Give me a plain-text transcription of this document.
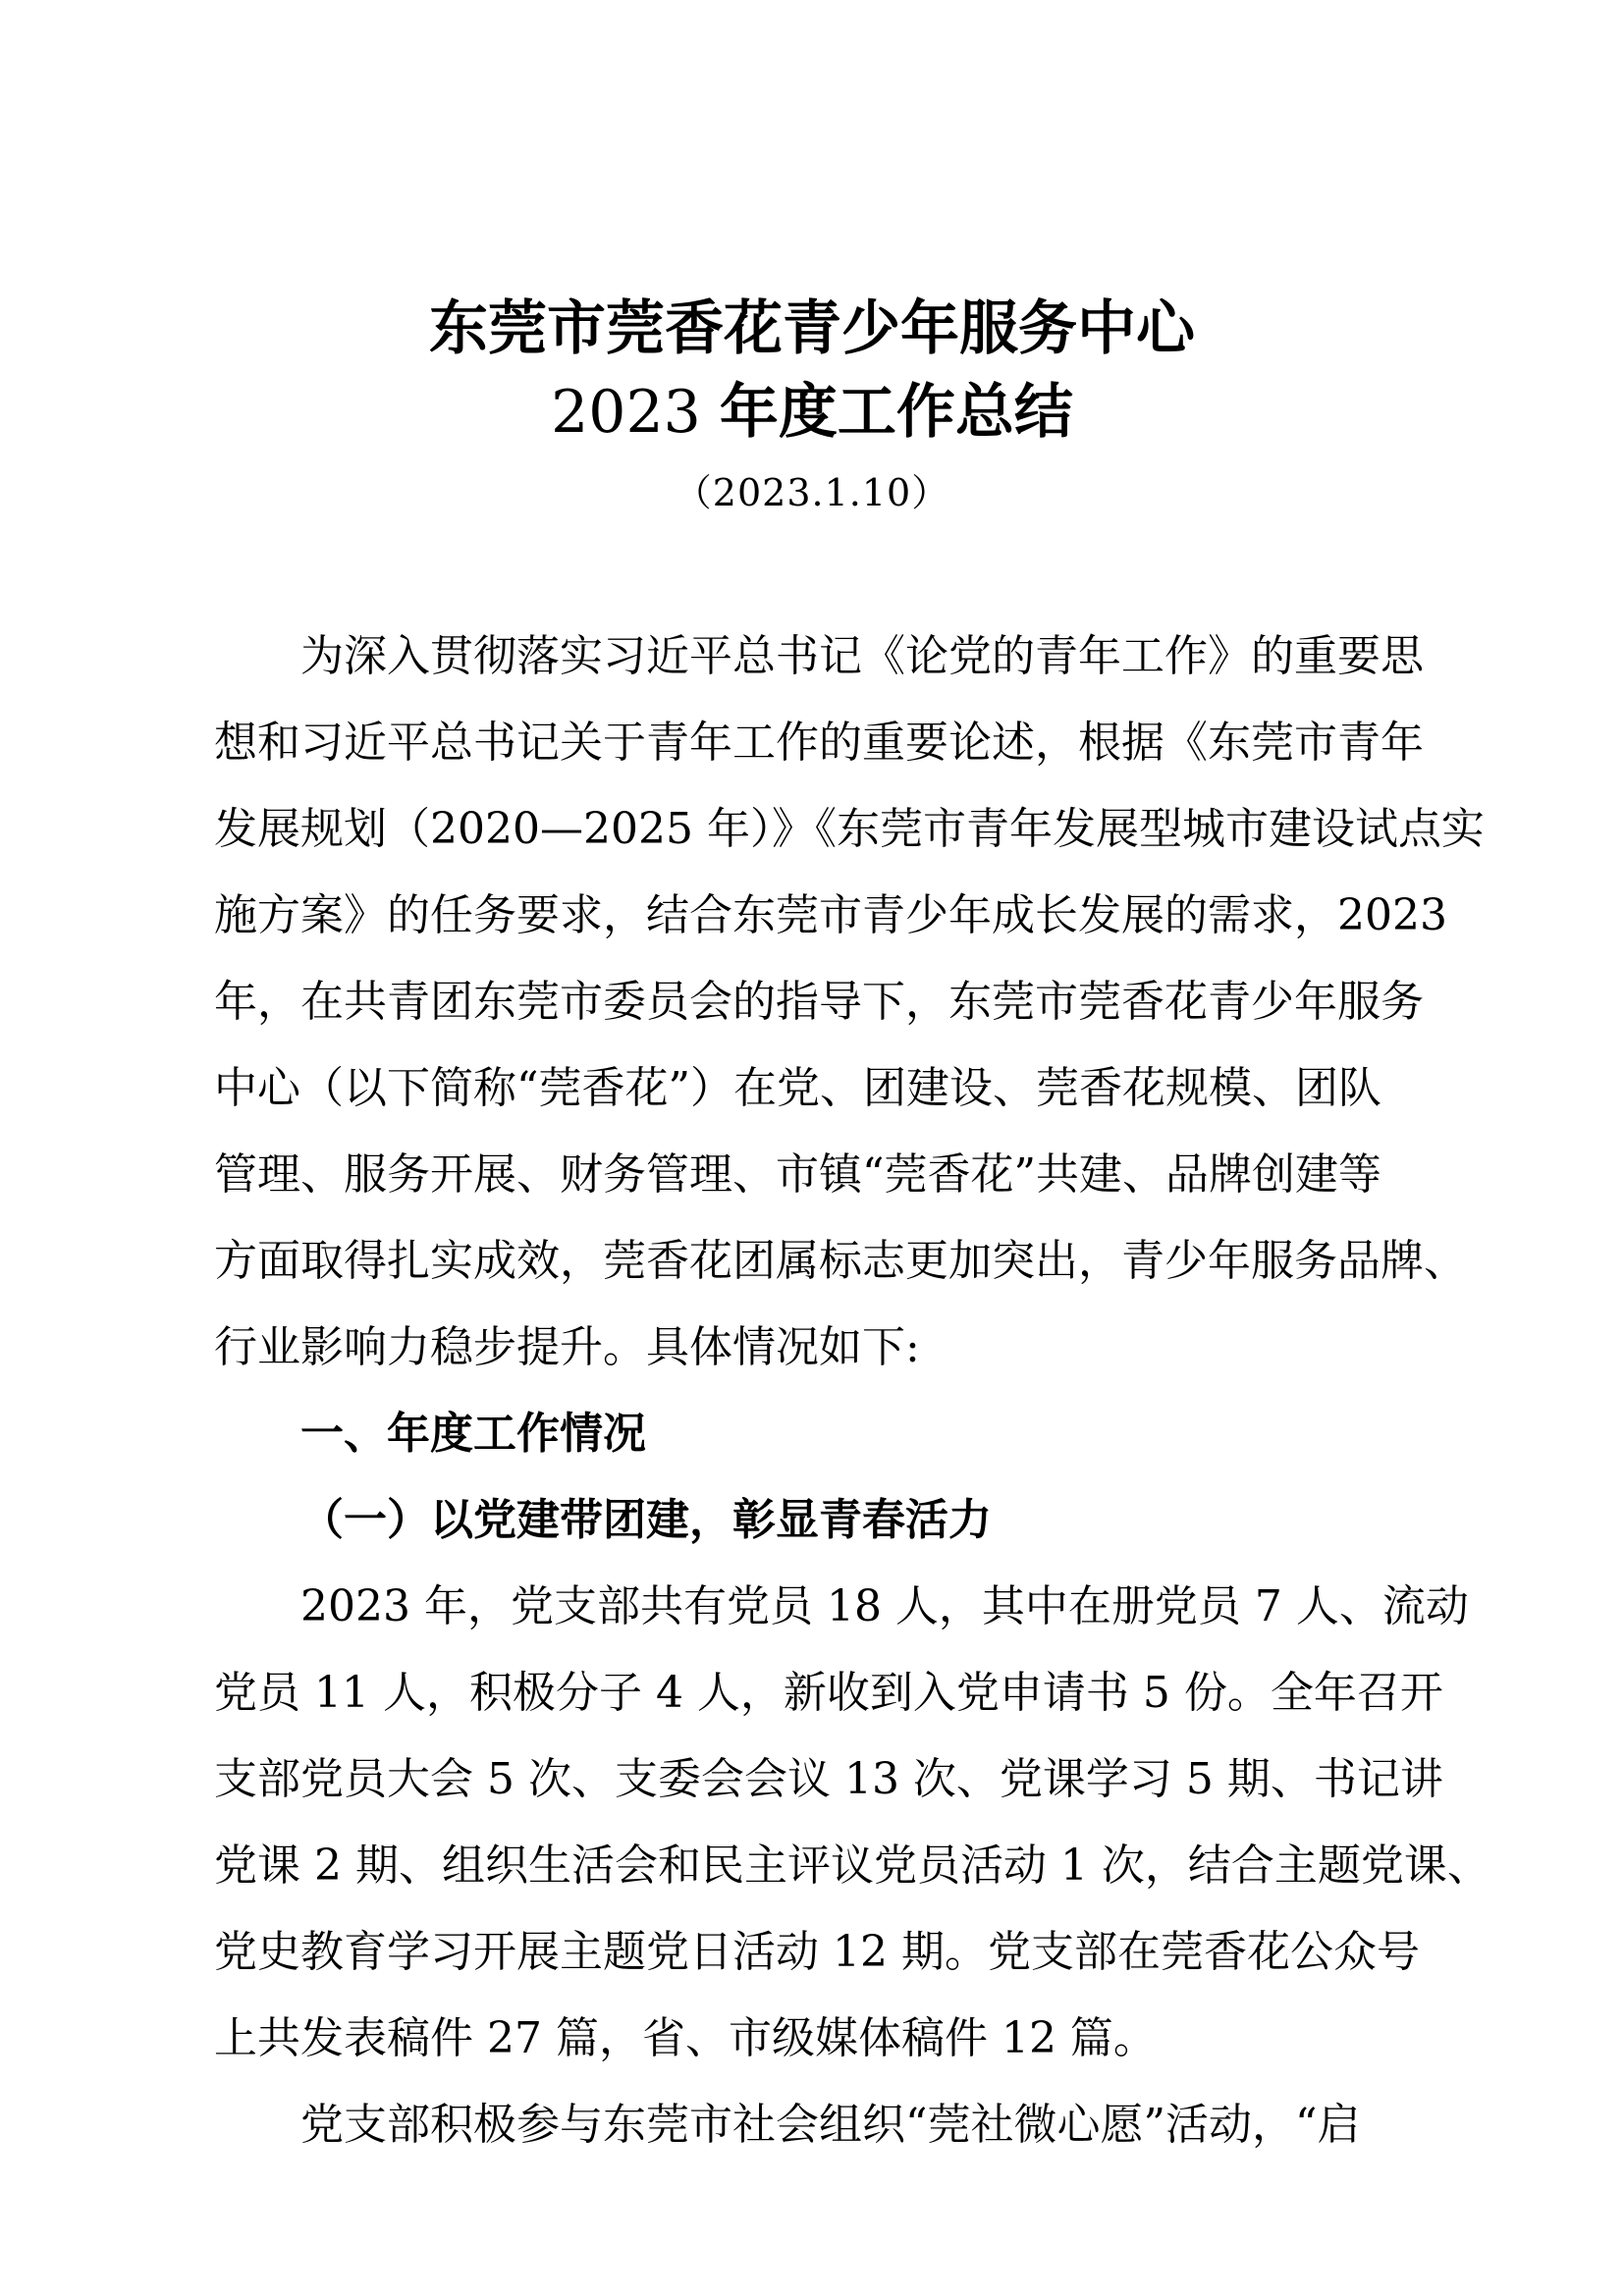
东莞市莞香花青少年服务中心
2023 年度工作总结
（2023.1.10）
为深入贯彻落实习近平总书记《论党的青年工作》的重要思
想和习近平总书记关于青年工作的重要论述，根据《东莞市青年
发展规划（2020—2025 年）》《东莞市青年发展型城市建设试点实
施方案》的任务要求，结合东莞市青少年成长发展的需求，2023
年，在共青团东莞市委员会的指导下，东莞市莞香花青少年服务
中心（以下简称“莞香花”）在党、团建设、莞香花规模、团队
管理、服务开展、财务管理、市镇“莞香花”共建、品牌创建等
方面取得扎实成效，莞香花团属标志更加突出，青少年服务品牌、
行业影响力稳步提升。具体情况如下:
一、年度工作情况
（一）以党建带团建，彰显青春活力
2023 年，党支部共有党员 18 人，其中在册党员 7 人、流动
党员 11 人，积极分子 4 人，新收到入党申请书 5 份。全年召开
支部党员大会 5 次、支委会会议 13 次、党课学习 5 期、书记讲
党课 2 期、组织生活会和民主评议党员活动 1 次，结合主题党课、
党史教育学习开展主题党日活动 12 期。党支部在莞香花公众号
上共发表稿件 27 篇，省、市级媒体稿件 12 篇。
党支部积极参与东莞市社会组织“莞社微心愿”活动，“启
